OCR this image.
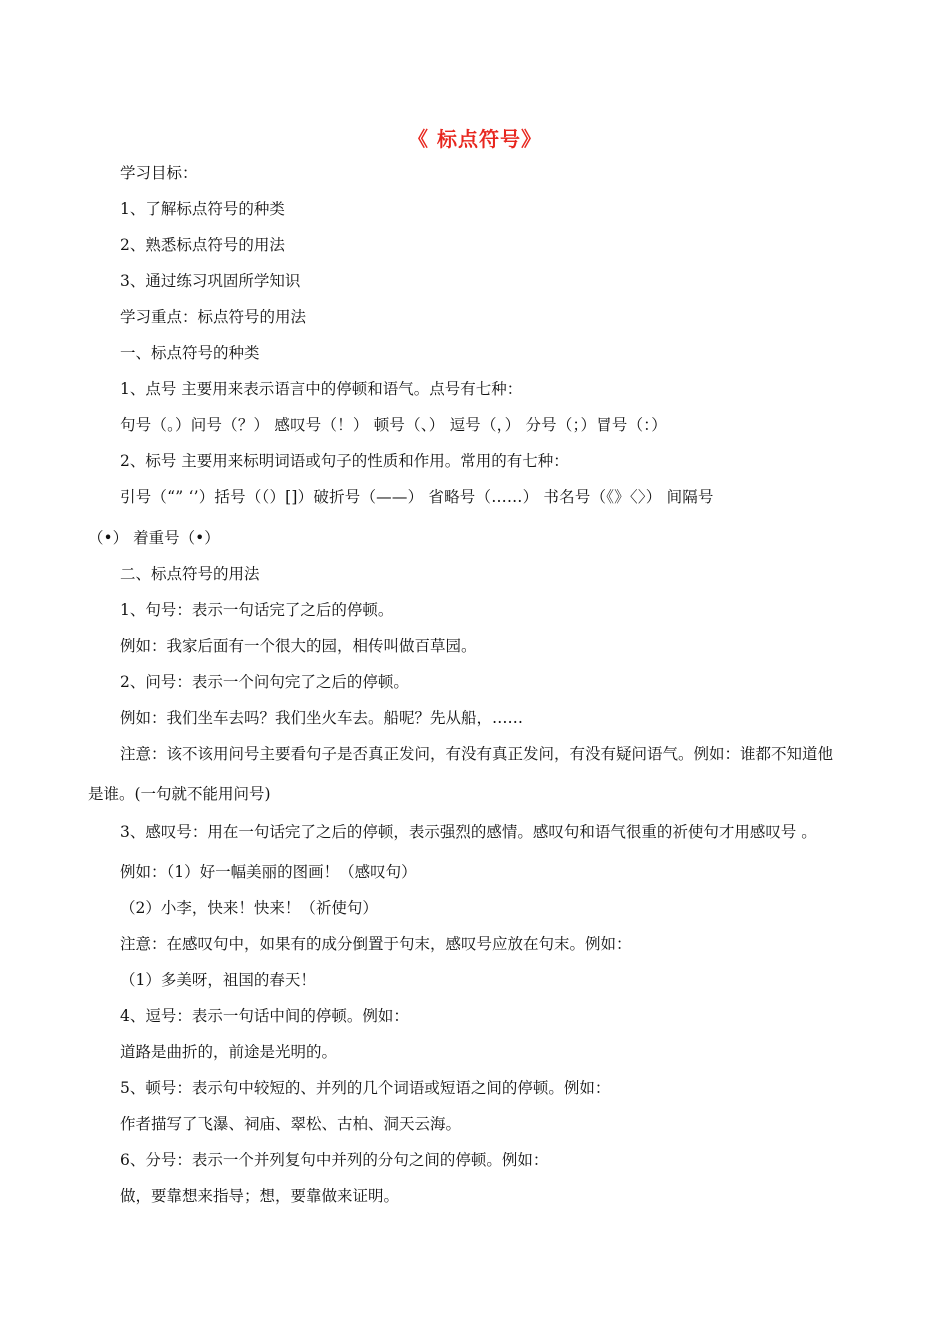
《 标点符号》
学习目标：
1、了解标点符号的种类
2、熟悉标点符号的用法
3、通过练习巩固所学知识
学习重点：标点符号的用法
一、标点符号的种类
1、点号 主要用来表示语言中的停顿和语气。点号有七种：
句号（。）问号（？） 感叹号（！） 顿号（、） 逗号（，） 分号（；）冒号（：）
2、标号 主要用来标明词语或句子的性质和作用。常用的有七种：
引号（“” ‘’）括号（（）[]）破折号（——） 省略号（……） 书名号（《》〈〉） 间隔号
（•） 着重号（•）
二、标点符号的用法
1、句号：表示一句话完了之后的停顿。
例如：我家后面有一个很大的园，相传叫做百草园。
2、问号：表示一个问句完了之后的停顿。
例如：我们坐车去吗？我们坐火车去。船呢？先从船，……
注意：该不该用问号主要看句子是否真正发问，有没有真正发问，有没有疑问语气。例如：谁都不知道他是谁。(一句就不能用问号)
3、感叹号：用在一句话完了之后的停顿，表示强烈的感情。感叹句和语气很重的祈使句才用感叹号 。
例如：（1）好一幅美丽的图画！（感叹句）
（2）小李，快来！快来！（祈使句）
注意：在感叹句中，如果有的成分倒置于句末，感叹号应放在句末。例如：
（1）多美呀，祖国的春天！
4、逗号：表示一句话中间的停顿。例如：
道路是曲折的，前途是光明的。
5、顿号：表示句中较短的、并列的几个词语或短语之间的停顿。例如：
作者描写了飞瀑、祠庙、翠松、古柏、洞天云海。
6、分号：表示一个并列复句中并列的分句之间的停顿。例如：
做，要靠想来指导；想，要靠做来证明。
